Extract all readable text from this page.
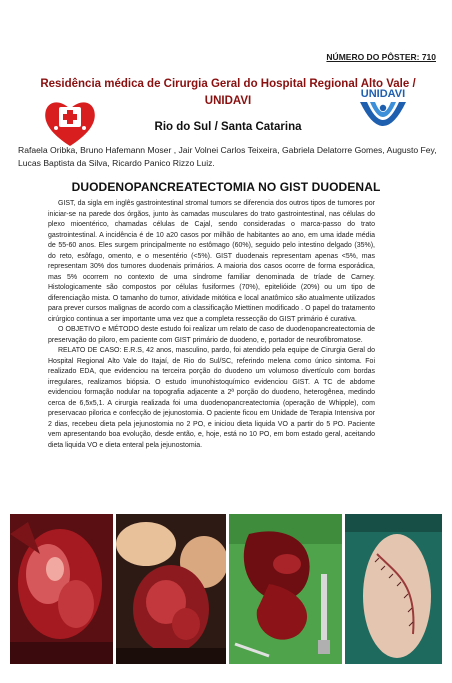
NÚMERO DO PÔSTER: 710
Residência médica de Cirurgia Geral do Hospital Regional Alto Vale /
UNIDAVI
Rio do Sul / Santa Catarina
UNIDAVI
Rafaela Oribka, Bruno Hafemann Moser , Jair Volnei Carlos Teixeira, Gabriela Delatorre Gomes, Augusto Fey, Lucas Baptista da Silva, Ricardo Panico Rizzo Luiz.
DUODENOPANCREATECTOMIA NO GIST DUODENAL

GIST, da sigla em inglês gastrointestinal stromal tumors se diferencia dos outros tipos de tumores por iniciar-se na parede dos órgãos, junto às camadas musculares do trato gastrointestinal, nas células do plexo mioentérico, chamadas células de Cajal, sendo consideradas o marca-passo do trato gastrointestinal. A incidência é de 10 a20 casos por milhão de habitantes ao ano, em uma idade média de 55-60 anos. Eles surgem principalmente no estômago (60%), seguido pelo intestino delgado (35%), do reto, esôfago, omento, e o mesentério (<5%). GIST duodenais representam apenas <5%, mas representam 30% dos tumores duodenais primários. A maioria dos casos ocorre de forma esporádica, mas 5% ocorrem no contexto de uma síndrome familiar denominada de tríade de Carney. Histologicamente são compostos por células fusiformes (70%), epitelióide (20%) ou um tipo de diferenciação mista. O tamanho do tumor, atividade mitótica e local anatômico são atualmente utilizados para prever cursos malignas de acordo com a classificação Miettinen modificado . O papel do tratamento cirúrgico continua a ser importante uma vez que a completa ressecção do GIST primário é curativa.

O OBJETIVO e MÉTODO deste estudo foi realizar um relato de caso de duodenopancreatectomia de preservação do piloro, em paciente com GIST primário de duodeno, e, portador de neurofibromatose.

RELATO DE CASO: E.R.S, 42 anos, masculino, pardo, foi atendido pela equipe de Cirurgia Geral do Hospital Regional Alto Vale do Itajaí, de Rio do Sul/SC, referindo melena como único sintoma. Foi realizado EDA, que evidenciou na terceira porção do duodeno um volumoso divertículo com bordas irregulares, realizamos biópsia. O estudo imunohistoquímico evidenciou GIST. A TC de abdome evidenciou formação nodular na topografia adjacente a 2ª porção do duodeno, heterogênea, medindo cerca de 6,5x5,1. A cirurgia realizada foi uma duodenopancreatectomia (operação de Whipple), com preservacao pilorica e confecção de jejunostomia. O paciente ficou em Unidade de Terapia Intensiva por 2 dias, recebeu dieta pela jejunostomia no 2 PO, e iniciou dieta liquida VO a partir do 5 PO. Paciente vem apresentando boa evolução, desde então, e, hoje, está no 10 PO, em bom estado geral, aceitando dieta liquida VO e dieta enteral pela jejunostomia.
